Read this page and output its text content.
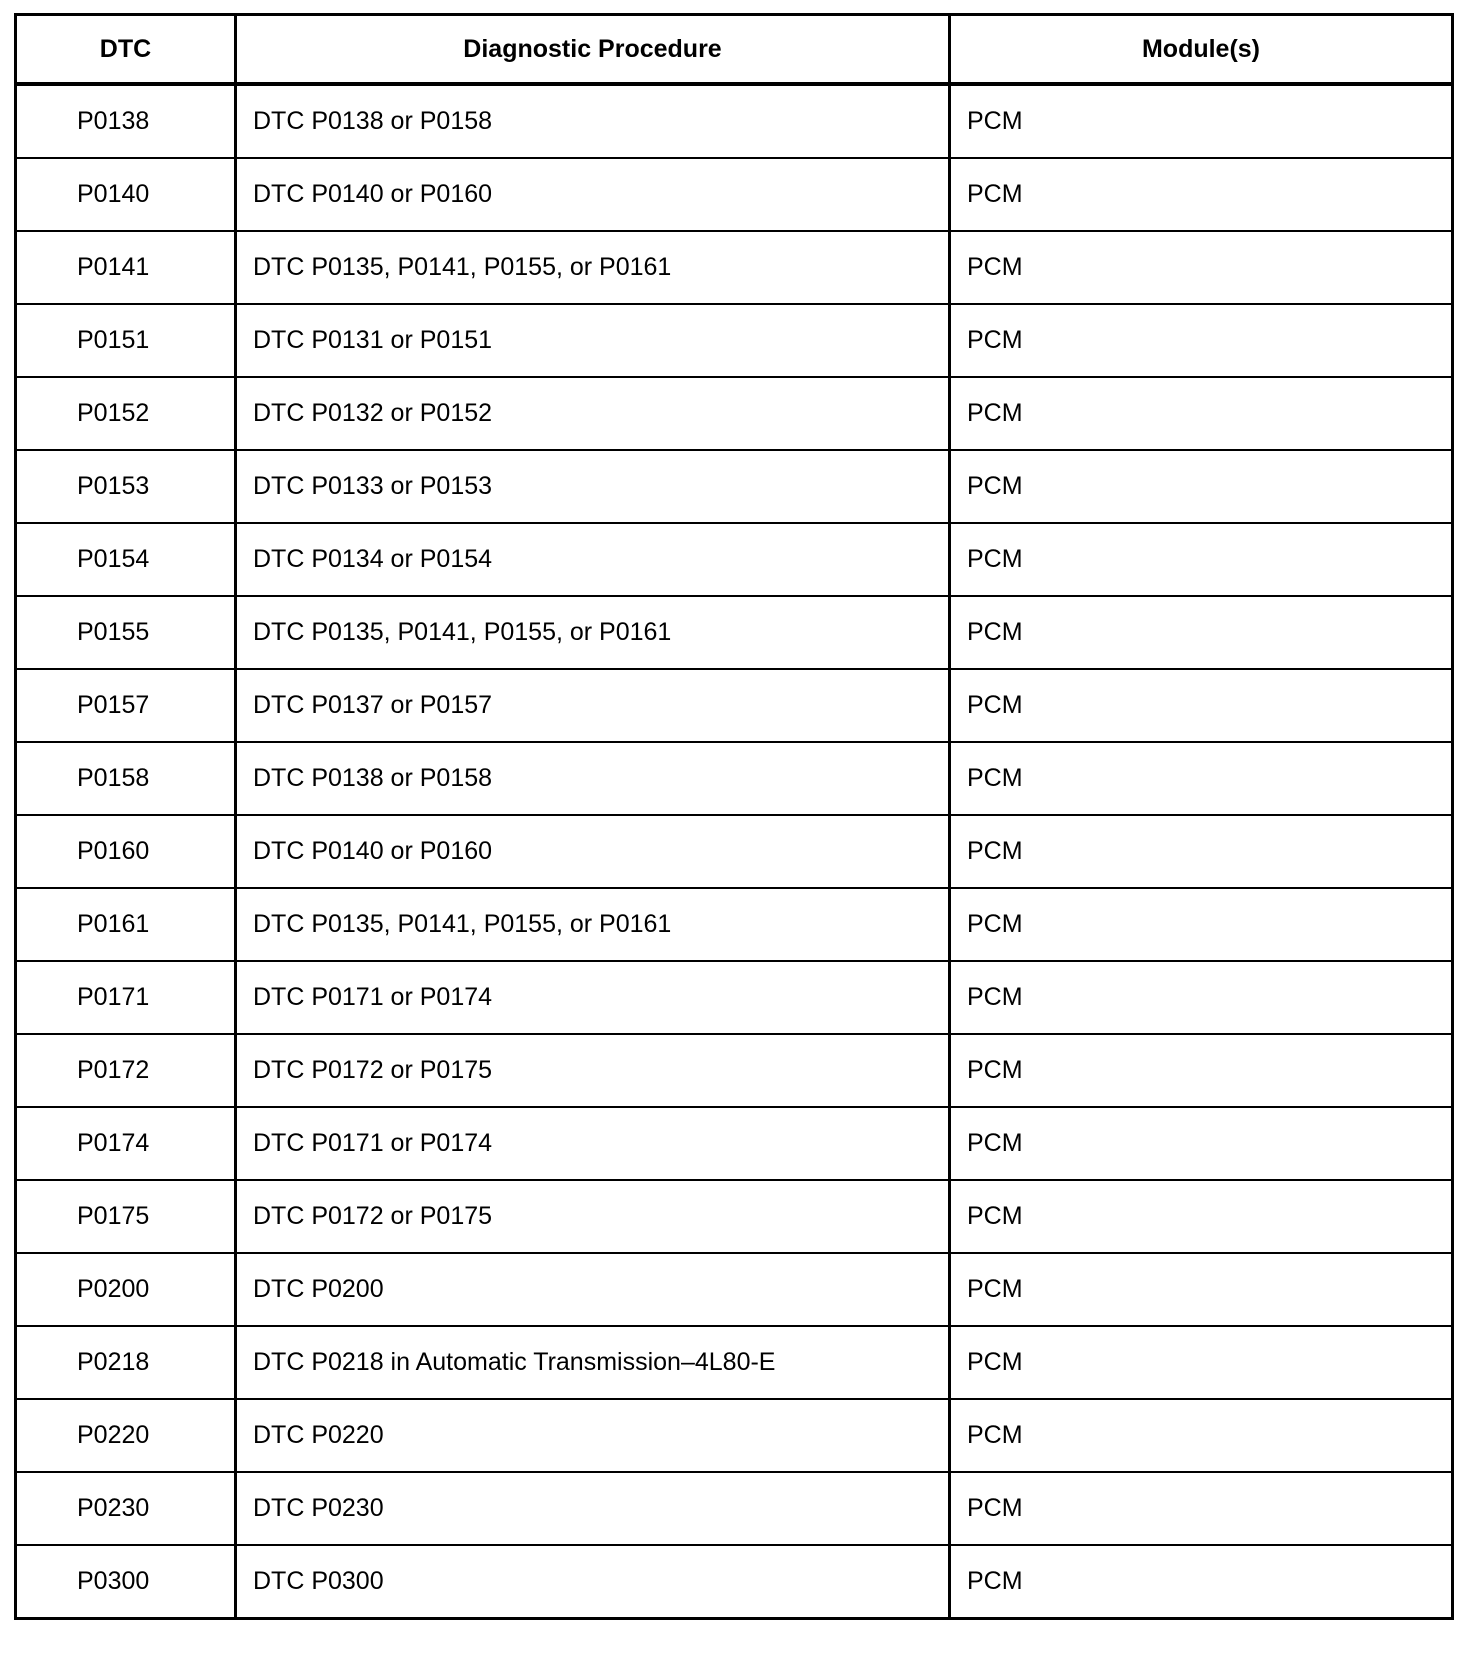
DTC	Diagnostic Procedure	Module(s)
P0138	DTC P0138 or P0158	PCM
P0140	DTC P0140 or P0160	PCM
P0141	DTC P0135, P0141, P0155, or P0161	PCM
P0151	DTC P0131 or P0151	PCM
P0152	DTC P0132 or P0152	PCM
P0153	DTC P0133 or P0153	PCM
P0154	DTC P0134 or P0154	PCM
P0155	DTC P0135, P0141, P0155, or P0161	PCM
P0157	DTC P0137 or P0157	PCM
P0158	DTC P0138 or P0158	PCM
P0160	DTC P0140 or P0160	PCM
P0161	DTC P0135, P0141, P0155, or P0161	PCM
P0171	DTC P0171 or P0174	PCM
P0172	DTC P0172 or P0175	PCM
P0174	DTC P0171 or P0174	PCM
P0175	DTC P0172 or P0175	PCM
P0200	DTC P0200	PCM
P0218	DTC P0218 in Automatic Transmission–4L80-E	PCM
P0220	DTC P0220	PCM
P0230	DTC P0230	PCM
P0300	DTC P0300	PCM
